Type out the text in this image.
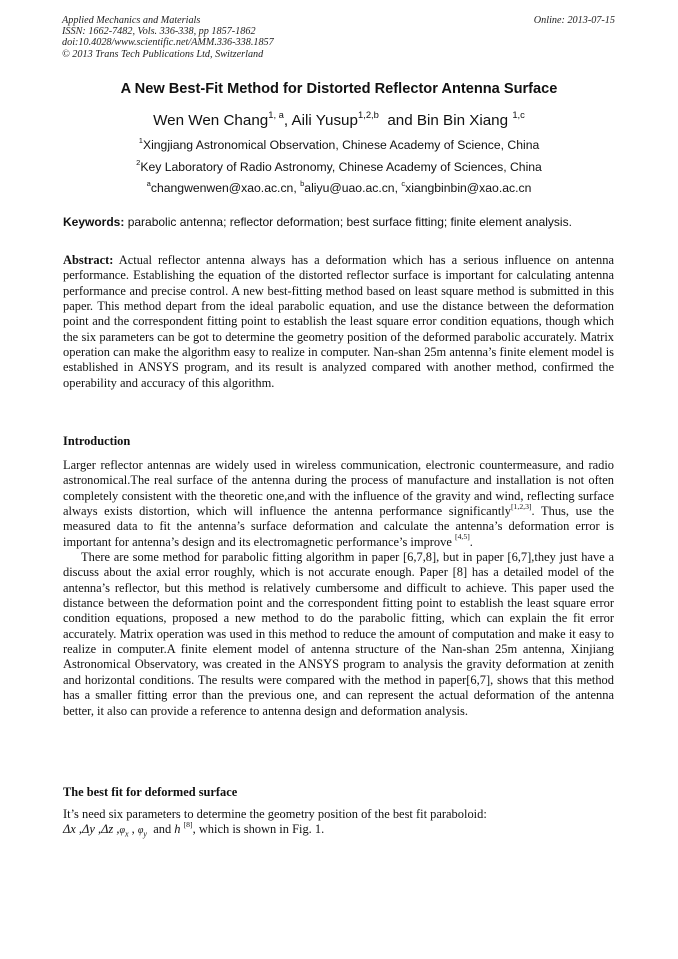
Applied Mechanics and Materials
ISSN: 1662-7482, Vols. 336-338, pp 1857-1862
doi:10.4028/www.scientific.net/AMM.336-338.1857
© 2013 Trans Tech Publications Ltd, Switzerland
Online: 2013-07-15
A New Best-Fit Method for Distorted Reflector Antenna Surface
Wen Wen Chang$^{1, a}$, Aili Yusup$^{1,2,b}$  and Bin Bin Xiang $^{1,c}$
$^1$Xingjiang Astronomical Observation, Chinese Academy of Science, China
$^2$Key Laboratory of Radio Astronomy, Chinese Academy of Sciences, China
$^a$changwenwen@xao.ac.cn, $^b$aliyu@uao.ac.cn, $^c$xiangbinbin@xao.ac.cn
Keywords: parabolic antenna; reflector deformation; best surface fitting; finite element analysis.

Abstract: Actual reflector antenna always has a deformation which has a serious influence on antenna performance. Establishing the equation of the distorted reflector surface is important for calculating antenna performance and precise control. A new best-fitting method based on least square method is submitted in this paper. This method depart from the ideal parabolic equation, and use the distance between the deformation point and the correspondent fitting point to establish the least square error condition equations, though which the six parameters can be got to determine the geometry position of the deformed parabolic accurately. Matrix operation can make the algorithm easy to realize in computer. Nan-shan 25m antenna’s finite element model is established in ANSYS program, and its result is analyzed compared with another method, confirmed the operability and accuracy of this algorithm.

Introduction

Larger reflector antennas are widely used in wireless communication, electronic countermeasure, and radio astronomical.The real surface of the antenna during the process of manufacture and installation is not often completely consistent with the theoretic one,and with the influence of the gravity and wind, reflecting surface always exists distortion, which will influence the antenna performance significantly[1,2,3]. Thus, use the measured data to fit the antenna’s surface deformation and calculate the antenna’s deformation error is important for antenna’s design and its electromagnetic performance’s improve [4,5].

There are some method for parabolic fitting algorithm in paper [6,7,8], but in paper [6,7],they just have a discuss about the axial error roughly, which is not accurate enough. Paper [8] has a detailed model of the antenna’s reflector, but this method is relatively cumbersome and difficult to achieve. This paper used the distance between the deformation point and the correspondent fitting point to establish the least square error condition equations, proposed a new method to do the parabolic fitting, which can explain the fit error accurately. Matrix operation was used in this method to reduce the amount of computation and make it easy to realize in computer.A finite element model of antenna structure of the Nan-shan 25m antenna, Xinjiang Astronomical Observatory, was created in the ANSYS program to analysis the gravity deformation at zenith and horizontal conditions. The results were compared with the method in paper[6,7], shows that this method has a smaller fitting error than the previous one, and can represent the actual deformation of the antenna better, it also can provide a reference to antenna design and deformation analysis.

The best fit for deformed surface

It’s need six parameters to determine the geometry position of the best fit paraboloid:
Δx ,Δy ,Δz $,\varphi_x$ , $\varphi_y$  and h [8], which is shown in Fig. 1.
